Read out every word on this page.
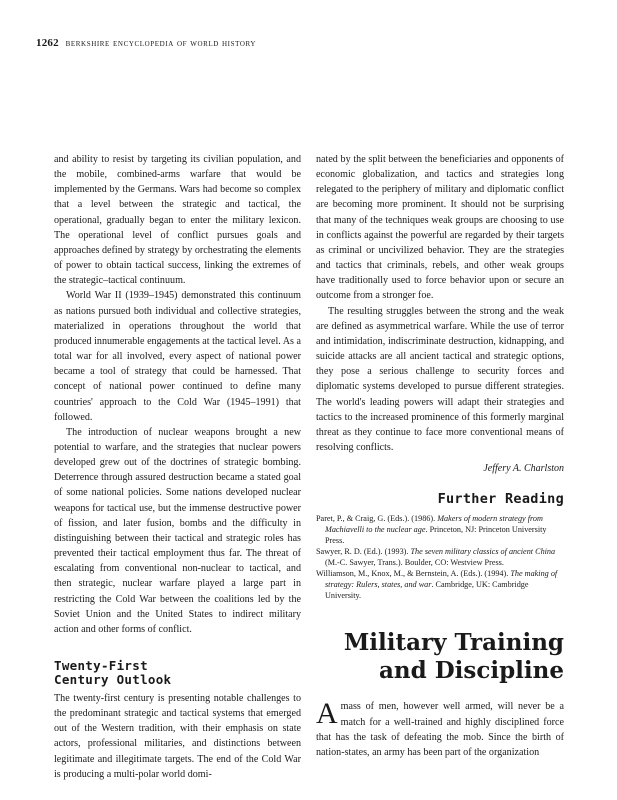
1262 berkshire encyclopedia of world history

and ability to resist by targeting its civilian population, and the mobile, combined-arms warfare that would be implemented by the Germans. Wars had become so complex that a level between the strategic and tactical, the operational, gradually began to enter the military lexicon. The operational level of conflict pursues goals and approaches defined by strategy by orchestrating the elements of power to obtain tactical success, linking the extremes of the strategic–tactical continuum.

World War II (1939–1945) demonstrated this continuum as nations pursued both individual and collective strategies, materialized in operations throughout the world that produced innumerable engagements at the tactical level. As a total war for all involved, every aspect of national power became a tool of strategy that could be harnessed. That concept of national power continued to define many countries' approach to the Cold War (1945–1991) that followed.

The introduction of nuclear weapons brought a new potential to warfare, and the strategies that nuclear powers developed grew out of the doctrines of strategic bombing. Deterrence through assured destruction became a stated goal of some national policies. Some nations developed nuclear weapons for tactical use, but the immense destructive power of fission, and later fusion, bombs and the difficulty in distinguishing between their tactical and strategic roles has prevented their tactical employment thus far. The threat of escalating from conventional non-nuclear to tactical, and then strategic, nuclear warfare played a large part in restricting the Cold War between the coalitions led by the Soviet Union and the United States to indirect military action and other forms of conflict.

Twenty-First
Century Outlook

The twenty-first century is presenting notable challenges to the predominant strategic and tactical systems that emerged out of the Western tradition, with their emphasis on state actors, professional militaries, and distinctions between legitimate and illegitimate targets. The end of the Cold War is producing a multi-polar world domi-

nated by the split between the beneficiaries and opponents of economic globalization, and tactics and strategies long relegated to the periphery of military and diplomatic conflict are becoming more prominent. It should not be surprising that many of the techniques weak groups are choosing to use in conflicts against the powerful are regarded by their targets as criminal or uncivilized behavior. They are the strategies and tactics that criminals, rebels, and other weak groups have traditionally used to force behavior upon or secure an outcome from a stronger foe.

The resulting struggles between the strong and the weak are defined as asymmetrical warfare. While the use of terror and intimidation, indiscriminate destruction, kidnapping, and suicide attacks are all ancient tactical and strategic options, they pose a serious challenge to security forces and diplomatic systems developed to pursue different strategies. The world's leading powers will adapt their strategies and tactics to the increased prominence of this formerly marginal threat as they continue to face more conventional means of resolving conflicts.

Jeffery A. Charlston
Further Reading
Paret, P., & Craig, G. (Eds.). (1986). Makers of modern strategy from Machiavelli to the nuclear age. Princeton, NJ: Princeton University Press.
Sawyer, R. D. (Ed.). (1993). The seven military classics of ancient China (M.-C. Sawyer, Trans.). Boulder, CO: Westview Press.
Williamson, M., Knox, M., & Bernstein, A. (Eds.). (1994). The making of strategy: Rulers, states, and war. Cambridge, UK: Cambridge University.
Military Training
and Discipline

A mass of men, however well armed, will never be a match for a well-trained and highly disciplined force that has the task of defeating the mob. Since the birth of nation-states, an army has been part of the organization
